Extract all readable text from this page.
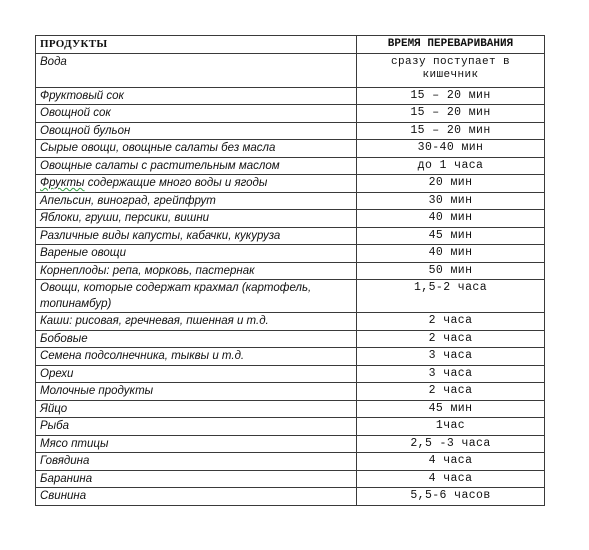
ПРОДУКТЫ	ВРЕМЯ ПЕРЕВАРИВАНИЯ
Вода	сразу поступает в кишечник
Фруктовый сок	15 – 20 мин
Овощной сок	15 – 20 мин
Овощной бульон	15 – 20 мин
Сырые овощи, овощные салаты без масла	30-40 мин
Овощные салаты с растительным маслом	до 1 часа
Фрукты содержащие много воды и ягоды	20 мин
Апельсин, виноград, грейпфрут	30 мин
Яблоки, груши, персики, вишни	40 мин
Различные виды капусты, кабачки, кукуруза	45 мин
Вареные овощи	40 мин
Корнеплоды: репа, морковь, пастернак	50 мин
Овощи, которые содержат крахмал (картофель, топинамбур)	1,5-2 часа
Каши: рисовая, гречневая, пшенная и т.д.	2 часа
Бобовые	2 часа
Семена подсолнечника, тыквы и т.д.	3 часа
Орехи	3 часа
Молочные продукты	2 часа
Яйцо	45 мин
Рыба	1час
Мясо птицы	2,5 -3 часа
Говядина	4 часа
Баранина	4 часа
Свинина	5,5-6 часов
